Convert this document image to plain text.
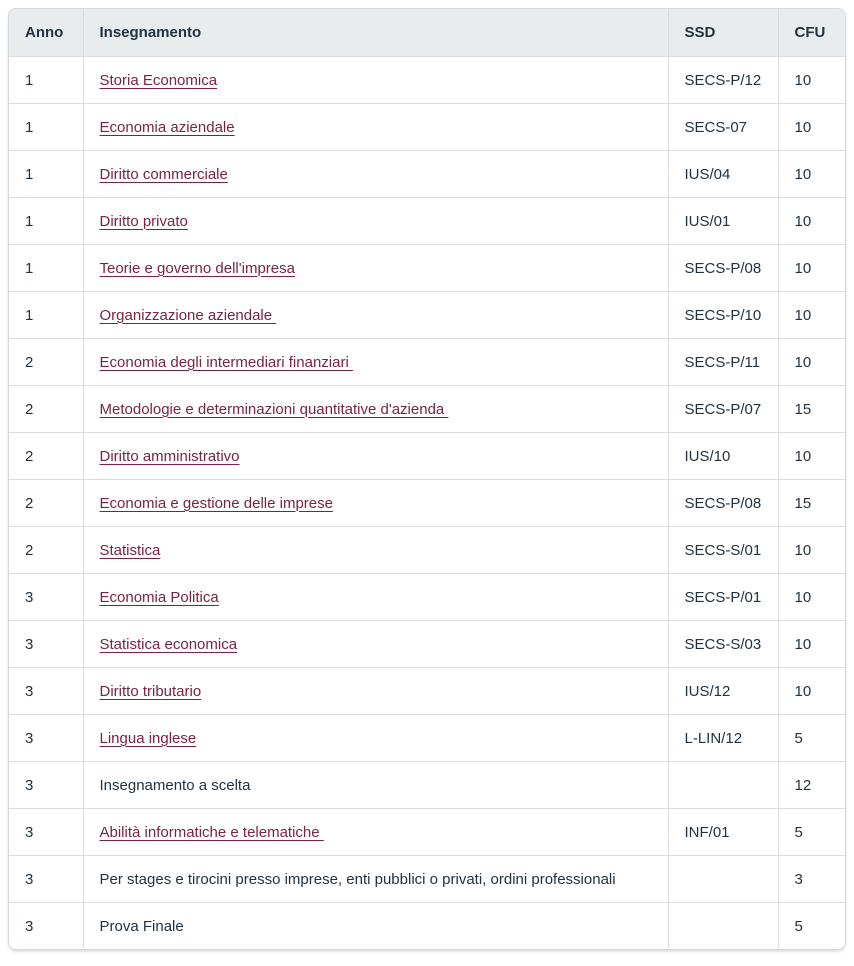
Anno	Insegnamento	SSD	CFU
1	Storia Economica	SECS-P/12	10
1	Economia aziendale	SECS-07	10
1	Diritto commerciale	IUS/04	10
1	Diritto privato	IUS/01	10
1	Teorie e governo dell'impresa	SECS-P/08	10
1	Organizzazione aziendale	SECS-P/10	10
2	Economia degli intermediari finanziari	SECS-P/11	10
2	Metodologie e determinazioni quantitative d'azienda	SECS-P/07	15
2	Diritto amministrativo	IUS/10	10
2	Economia e gestione delle imprese	SECS-P/08	15
2	Statistica	SECS-S/01	10
3	Economia Politica	SECS-P/01	10
3	Statistica economica	SECS-S/03	10
3	Diritto tributario	IUS/12	10
3	Lingua inglese	L-LIN/12	5
3	Insegnamento a scelta		12
3	Abilità informatiche e telematiche	INF/01	5
3	Per stages e tirocini presso imprese, enti pubblici o privati, ordini professionali		3
3	Prova Finale		5
